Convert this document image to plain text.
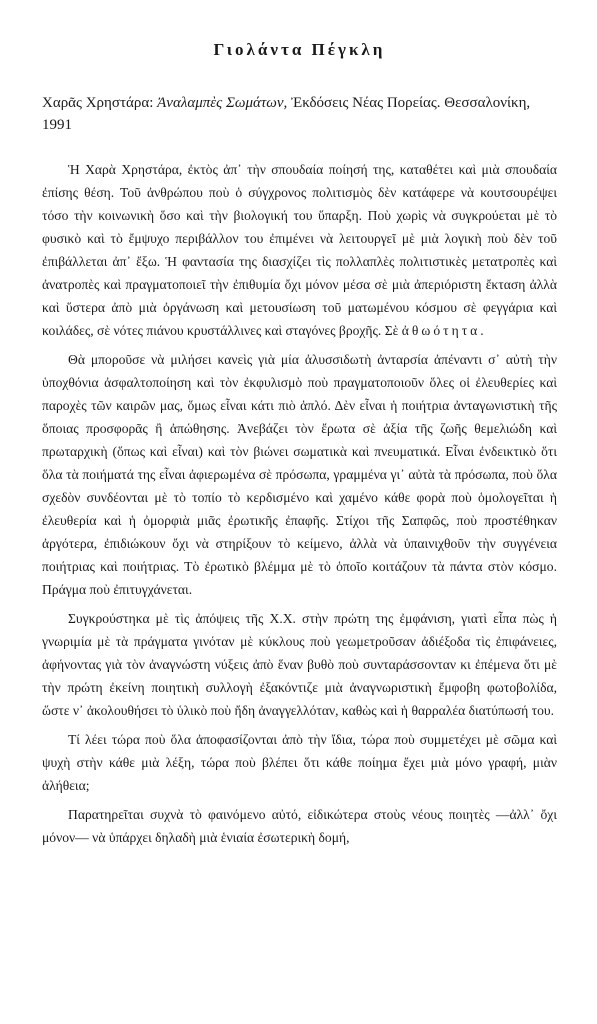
Γιολάντα Πέγκλη
Χαρᾶς Χρηστάρα: Ἀναλαμπὲς Σωμάτων, Ἐκδόσεις Νέας Πορείας. Θεσσαλονίκη, 1991

Ἡ Χαρὰ Χρηστάρα, ἐκτὸς ἀπ᾿ τὴν σπουδαία ποίησή της, καταθέτει καὶ μιὰ σπουδαία ἐπίσης θέση. Τοῦ ἀνθρώπου ποὺ ὁ σύγχρονος πολιτισμὸς δὲν κατάφερε νὰ κουτσουρέψει τόσο τὴν κοινωνικὴ ὅσο καὶ τὴν βιολογική του ὕπαρξη. Ποὺ χωρὶς νὰ συγκρούεται μὲ τὸ φυσικὸ καὶ τὸ ἔμψυχο περιβάλλον του ἐπιμένει νὰ λειτουργεῖ μὲ μιὰ λογικὴ ποὺ δὲν τοῦ ἐπιβάλλεται ἀπ᾿ ἔξω. Ἡ φαντασία της διασχίζει τὶς πολλαπλὲς πολιτιστικὲς μετατροπὲς καὶ ἀνατροπὲς καὶ πραγματοποιεῖ τὴν ἐπιθυμία ὄχι μόνον μέσα σὲ μιὰ ἀπεριόριστη ἔκταση ἀλλὰ καὶ ὕστερα ἀπὸ μιὰ ὀργάνωση καὶ μετουσίωση τοῦ ματωμένου κόσμου σὲ φεγγάρια καὶ κοιλάδες, σὲ νότες πιάνου κρυστάλλινες καὶ σταγόνες βροχῆς. Σὲ ἀθωότητα.

Θὰ μποροῦσε νὰ μιλήσει κανεὶς γιὰ μία ἀλυσσιδωτὴ ἀνταρσία ἀπέναντι σ᾿ αὐτὴ τὴν ὑποχθόνια ἀσφαλτοποίηση καὶ τὸν ἐκφυλισμὸ ποὺ πραγματοποιοῦν ὅλες οἱ ἐλευθερίες καὶ παροχὲς τῶν καιρῶν μας, ὅμως εἶναι κάτι πιὸ ἁπλό. Δὲν εἶναι ἡ ποιήτρια ἀνταγωνιστικὴ τῆς ὅποιας προσφορᾶς ἢ ἀπώθησης. Ἀνεβάζει τὸν ἔρωτα σὲ ἀξία τῆς ζωῆς θεμελιώδη καὶ πρωταρχικὴ (ὅπως καὶ εἶναι) καὶ τὸν βιώνει σωματικὰ καὶ πνευματικά. Εἶναι ἐνδεικτικὸ ὅτι ὅλα τὰ ποιήματά της εἶναι ἀφιερωμένα σὲ πρόσωπα, γραμμένα γι᾿ αὐτὰ τὰ πρόσωπα, ποὺ ὅλα σχεδὸν συνδέονται μὲ τὸ τοπίο τὸ κερδισμένο καὶ χαμένο κάθε φορὰ ποὺ ὁμολογεῖται ἡ ἐλευθερία καὶ ἡ ὀμορφιὰ μιᾶς ἐρωτικῆς ἐπαφῆς. Στίχοι τῆς Σαπφῶς, ποὺ προστέθηκαν ἀργότερα, ἐπιδιώκουν ὄχι νὰ στηρίξουν τὸ κείμενο, ἀλλὰ νὰ ὑπαινιχθοῦν τὴν συγγένεια ποιήτριας καὶ ποιήτριας. Τὸ ἐρωτικὸ βλέμμα μὲ τὸ ὁποῖο κοιτάζουν τὰ πάντα στὸν κόσμο. Πράγμα ποὺ ἐπιτυγχάνεται.

Συγκρούστηκα μὲ τὶς ἀπόψεις τῆς Χ.Χ. στὴν πρώτη της ἐμφάνιση, γιατὶ εἶπα πὼς ἡ γνωριμία μὲ τὰ πράγματα γινόταν μὲ κύκλους ποὺ γεωμετροῦσαν ἀδιέξοδα τὶς ἐπιφάνειες, ἀφήνοντας γιὰ τὸν ἀναγνώστη νύξεις ἀπὸ ἕναν βυθὸ ποὺ συνταράσσονταν κι ἐπέμενα ὅτι μὲ τὴν πρώτη ἐκείνη ποιητικὴ συλλογὴ ἐξακόντιζε μιὰ ἀναγνωριστικὴ ἔμφοβη φωτοβολίδα, ὥστε ν᾿ ἀκολουθήσει τὸ ὑλικὸ ποὺ ἤδη ἀναγγελλόταν, καθὼς καὶ ἡ θαρραλέα διατύπωσή του.

Τί λέει τώρα ποὺ ὅλα ἀποφασίζονται ἀπὸ τὴν ἴδια, τώρα ποὺ συμμετέχει μὲ σῶμα καὶ ψυχὴ στὴν κάθε μιὰ λέξη, τώρα ποὺ βλέπει ὅτι κάθε ποίημα ἔχει μιὰ μόνο γραφή, μιὰν ἀλήθεια;

Παρατηρεῖται συχνὰ τὸ φαινόμενο αὐτό, εἰδικώτερα στοὺς νέους ποιητὲς —ἀλλ᾿ ὄχι μόνον— νὰ ὑπάρχει δηλαδὴ μιὰ ἑνιαία ἐσωτερικὴ δομή,
